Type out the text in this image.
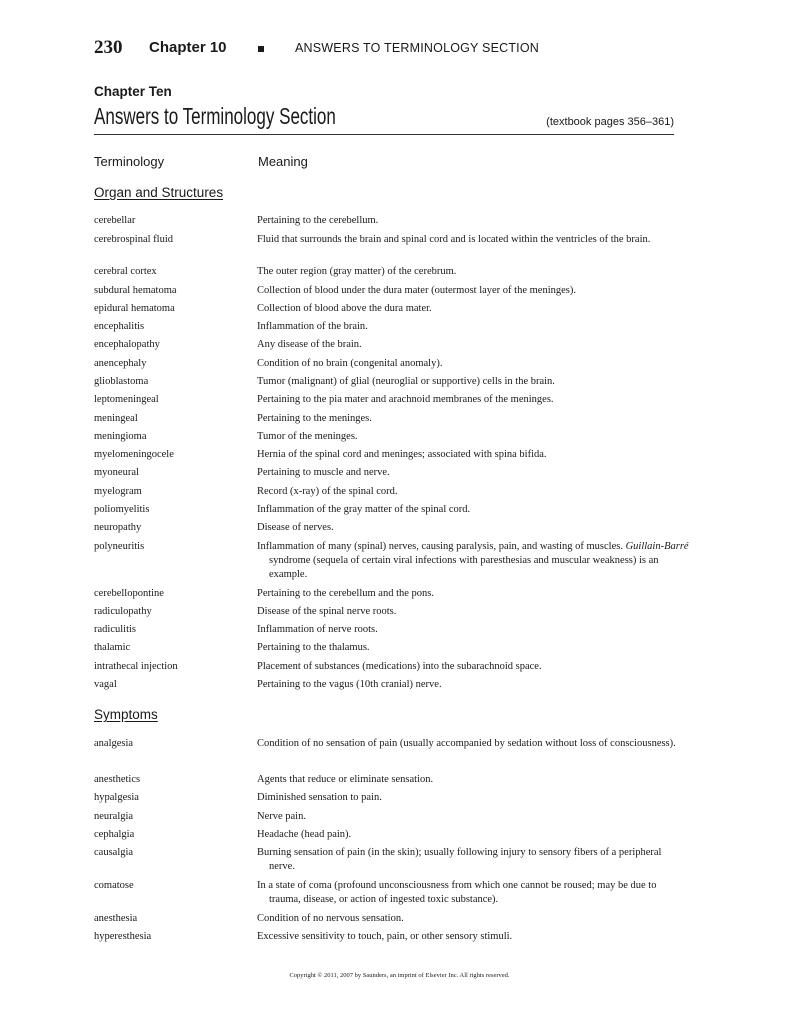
230 Chapter 10	ANSWERS TO TERMINOLOGY SECTION
Chapter Ten
Answers to Terminology Section	(textbook pages 356–361)
Terminology	Meaning
Organ and Structures
cerebellar	Pertaining to the cerebellum.
cerebrospinal fluid	Fluid that surrounds the brain and spinal cord and is located within the ventricles of the brain.
cerebral cortex	The outer region (gray matter) of the cerebrum.
subdural hematoma	Collection of blood under the dura mater (outermost layer of the meninges).
epidural hematoma	Collection of blood above the dura mater.
encephalitis	Inflammation of the brain.
encephalopathy	Any disease of the brain.
anencephaly	Condition of no brain (congenital anomaly).
glioblastoma	Tumor (malignant) of glial (neuroglial or supportive) cells in the brain.
leptomeningeal	Pertaining to the pia mater and arachnoid membranes of the meninges.
meningeal	Pertaining to the meninges.
meningioma	Tumor of the meninges.
myelomeningocele	Hernia of the spinal cord and meninges; associated with spina bifida.
myoneural	Pertaining to muscle and nerve.
myelogram	Record (x-ray) of the spinal cord.
poliomyelitis	Inflammation of the gray matter of the spinal cord.
neuropathy	Disease of nerves.
polyneuritis	Inflammation of many (spinal) nerves, causing paralysis, pain, and wasting of muscles. Guillain-Barré syndrome (sequela of certain viral infections with paresthesias and muscular weakness) is an example.
cerebellopontine	Pertaining to the cerebellum and the pons.
radiculopathy	Disease of the spinal nerve roots.
radiculitis	Inflammation of nerve roots.
thalamic	Pertaining to the thalamus.
intrathecal injection	Placement of substances (medications) into the subarachnoid space.
vagal	Pertaining to the vagus (10th cranial) nerve.
Symptoms
analgesia	Condition of no sensation of pain (usually accompanied by sedation without loss of consciousness).
anesthetics	Agents that reduce or eliminate sensation.
hypalgesia	Diminished sensation to pain.
neuralgia	Nerve pain.
cephalgia	Headache (head pain).
causalgia	Burning sensation of pain (in the skin); usually following injury to sensory fibers of a peripheral nerve.
comatose	In a state of coma (profound unconsciousness from which one cannot be roused; may be due to trauma, disease, or action of ingested toxic substance).
anesthesia	Condition of no nervous sensation.
hyperesthesia	Excessive sensitivity to touch, pain, or other sensory stimuli.
Copyright © 2011, 2007 by Saunders, an imprint of Elsevier Inc. All rights reserved.
